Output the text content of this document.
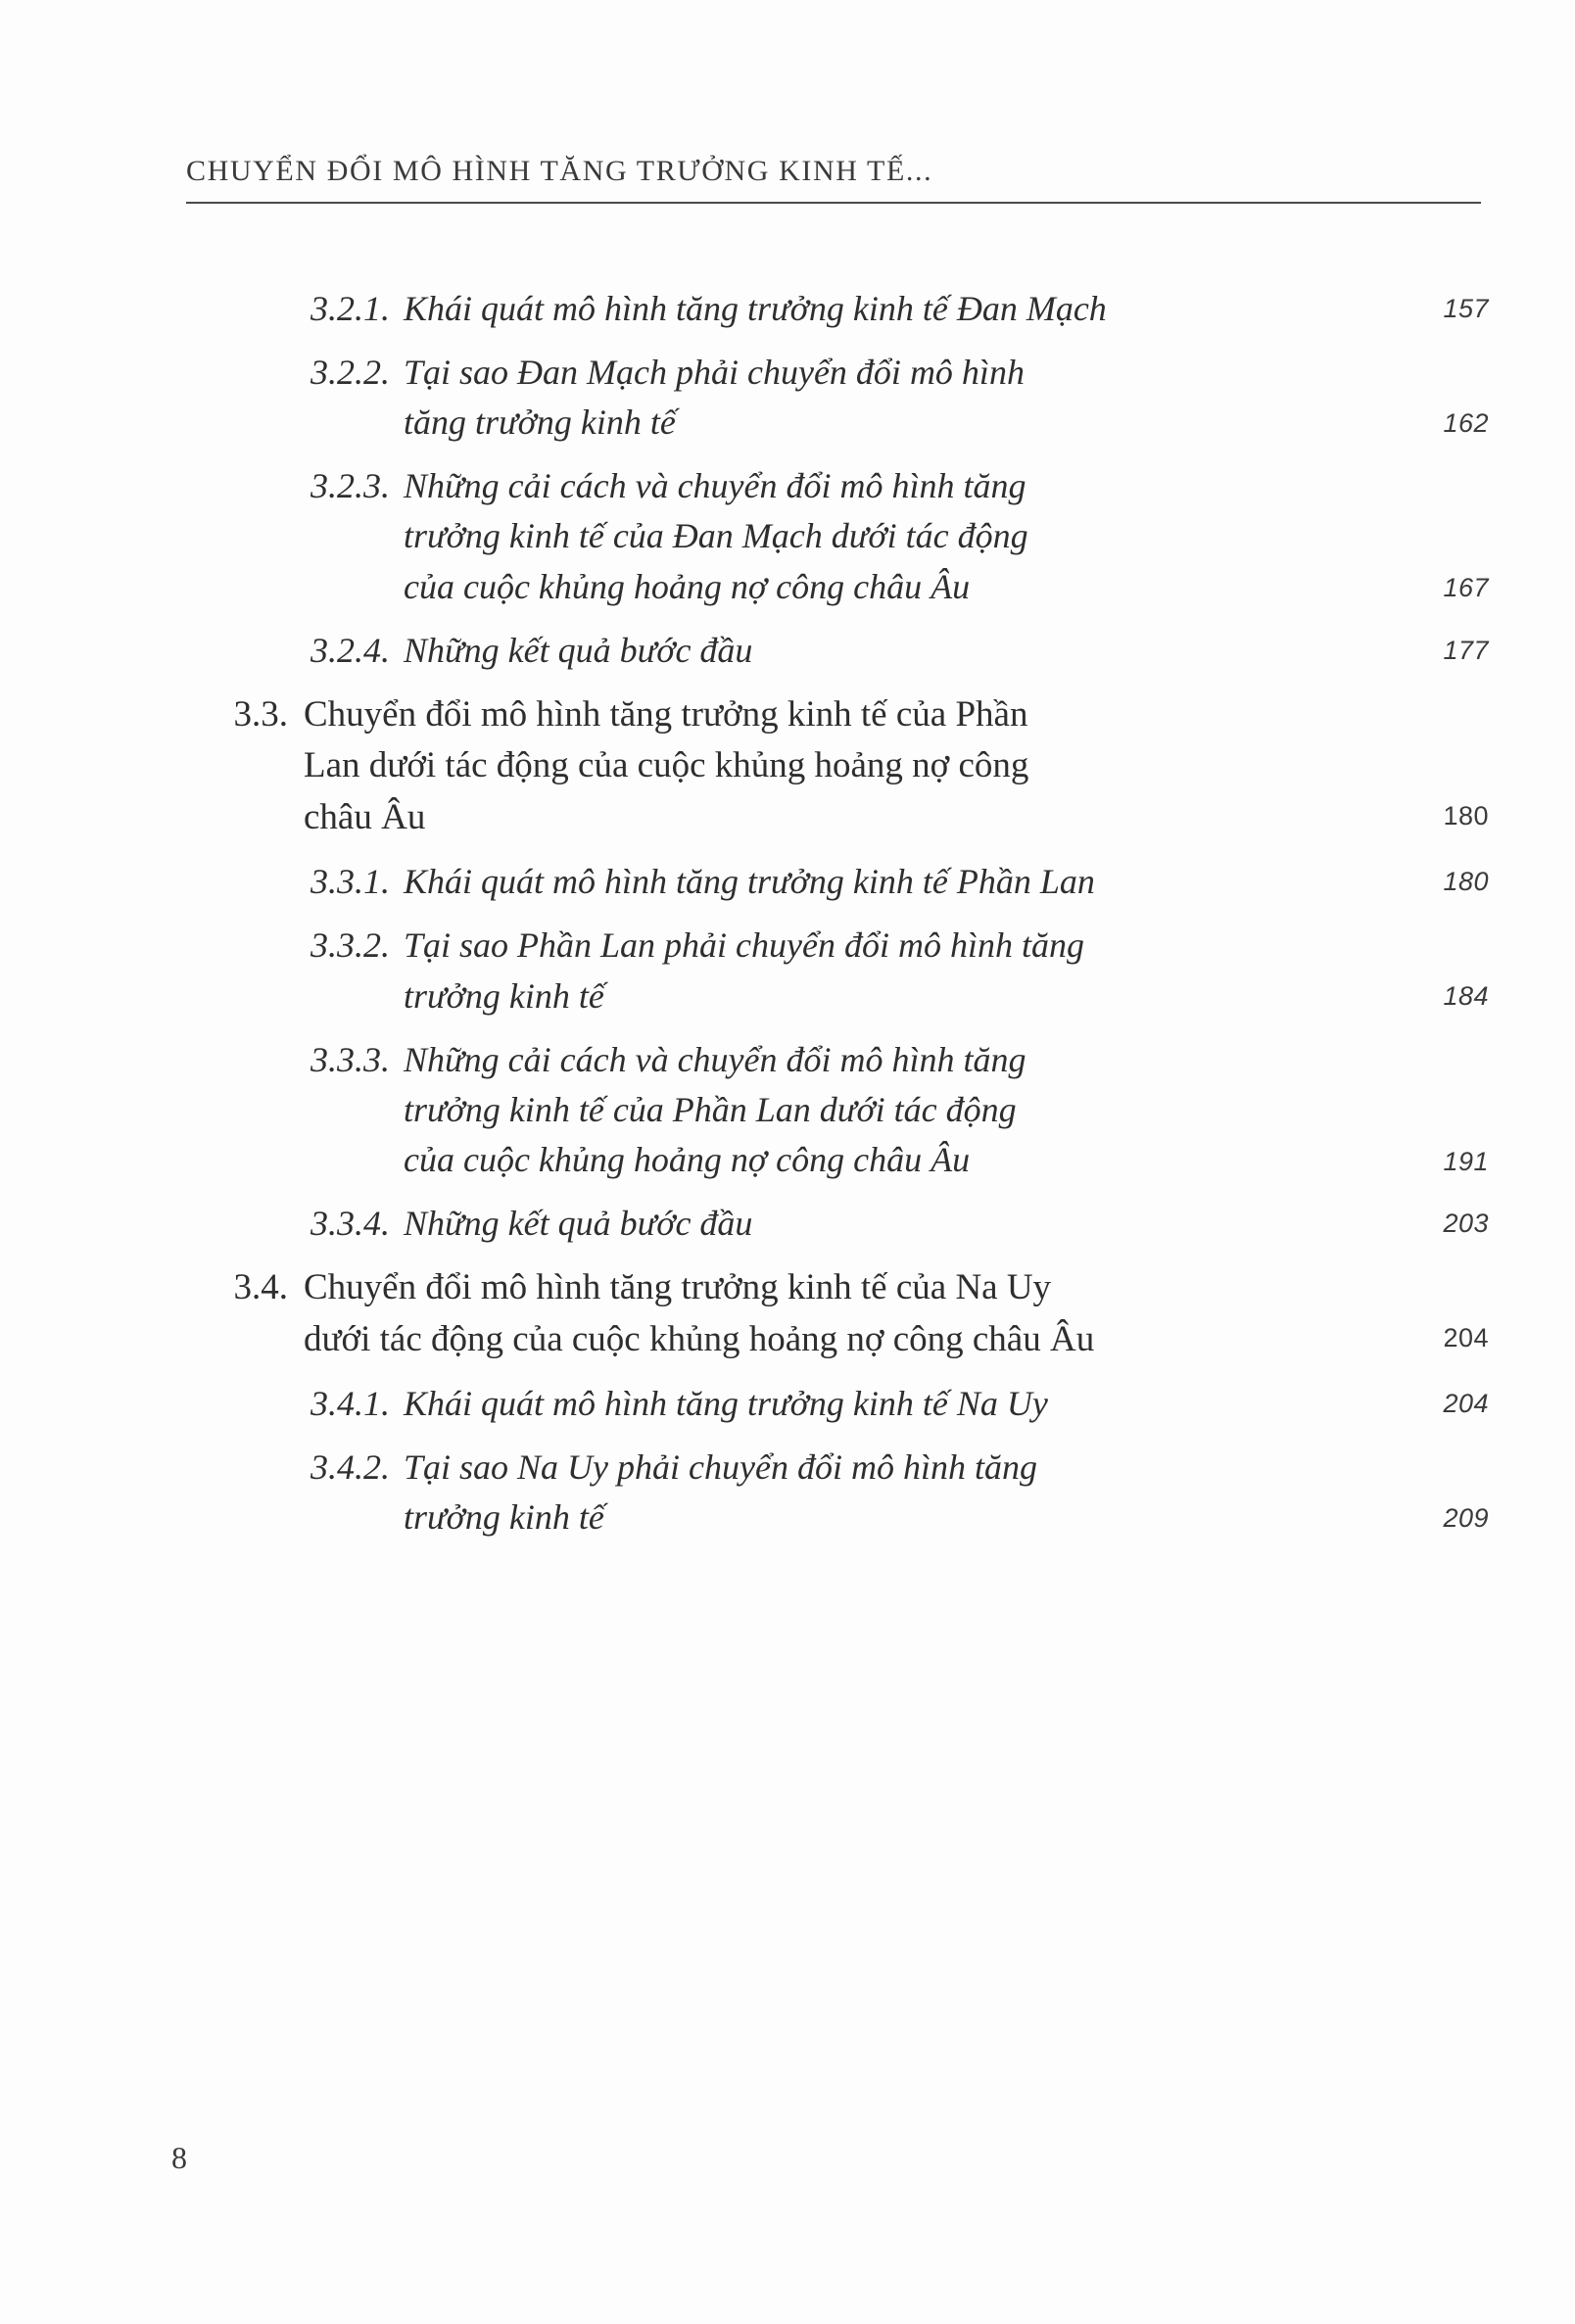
CHUYỂN ĐỔI MÔ HÌNH TĂNG TRƯỞNG KINH TẾ...
3.2.1. Khái quát mô hình tăng trưởng kinh tế Đan Mạch	157
3.2.2. Tại sao Đan Mạch phải chuyển đổi mô hình
tăng trưởng kinh tế	162
3.2.3. Những cải cách và chuyển đổi mô hình tăng
trưởng kinh tế của Đan Mạch dưới tác động
của cuộc khủng hoảng nợ công châu Âu	167
3.2.4. Những kết quả bước đầu	177
3.3. Chuyển đổi mô hình tăng trưởng kinh tế của Phần
Lan dưới tác động của cuộc khủng hoảng nợ công
châu Âu	180
3.3.1. Khái quát mô hình tăng trưởng kinh tế Phần Lan	180
3.3.2. Tại sao Phần Lan phải chuyển đổi mô hình tăng
trưởng kinh tế	184
3.3.3. Những cải cách và chuyển đổi mô hình tăng
trưởng kinh tế của Phần Lan dưới tác động
của cuộc khủng hoảng nợ công châu Âu	191
3.3.4. Những kết quả bước đầu	203
3.4. Chuyển đổi mô hình tăng trưởng kinh tế của Na Uy
dưới tác động của cuộc khủng hoảng nợ công châu Âu	204
3.4.1. Khái quát mô hình tăng trưởng kinh tế Na Uy	204
3.4.2. Tại sao Na Uy phải chuyển đổi mô hình tăng
trưởng kinh tế	209
8
